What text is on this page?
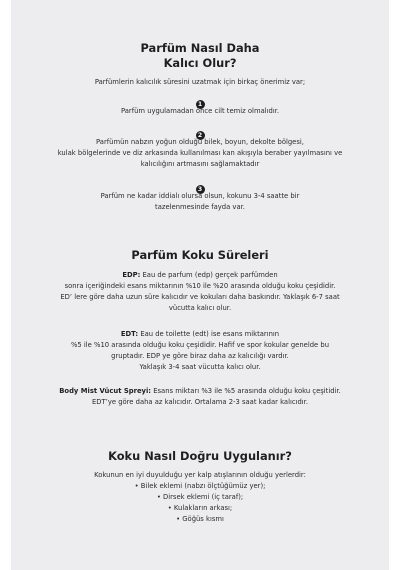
Parfüm Nasıl Daha
Kalıcı Olur?

Parfümlerin kalıcılık süresini uzatmak için birkaç önerimiz var;

1

Parfüm uygulamadan önce cilt temiz olmalıdır.

2

Parfümün nabzın yoğun olduğu bilek, boyun, dekolte bölgesi,

kulak bölgelerinde ve diz arkasında kullanılması kan akışıyla beraber yayılmasını ve

kalıcılığını artmasını sağlamaktadır

3

Parfüm ne kadar iddialı olursa olsun, kokunu 3-4 saatte bir

tazelenmesinde fayda var.

Parfüm Koku Süreleri

EDP: Eau de parfum (edp) gerçek parfümden

sonra içeriğindeki esans miktarının %10 ile %20 arasında olduğu koku çeşididir.

ED’ lere göre daha uzun süre kalıcıdır ve kokuları daha baskındır. Yaklaşık 6-7 saat

vücutta kalıcı olur.

EDT: Eau de toilette (edt) ise esans miktarının

%5 ile %10 arasında olduğu koku çeşididir. Hafif ve spor kokular genelde bu

gruptadır. EDP ye göre biraz daha az kalıcılığı vardır.

Yaklaşık 3-4 saat vücutta kalıcı olur.

Body Mist Vücut Spreyi: Esans miktarı %3 ile %5 arasında olduğu koku çeşitidir.

EDT’ye göre daha az kalıcıdır. Ortalama 2-3 saat kadar kalıcıdır.

Koku Nasıl Doğru Uygulanır?

Kokunun en iyi duyulduğu yer kalp atışlarının olduğu yerlerdir:

• Bilek eklemi (nabzı ölçtüğümüz yer);
• Dirsek eklemi (iç taraf);
• Kulakların arkası;
• Göğüs kısmı
